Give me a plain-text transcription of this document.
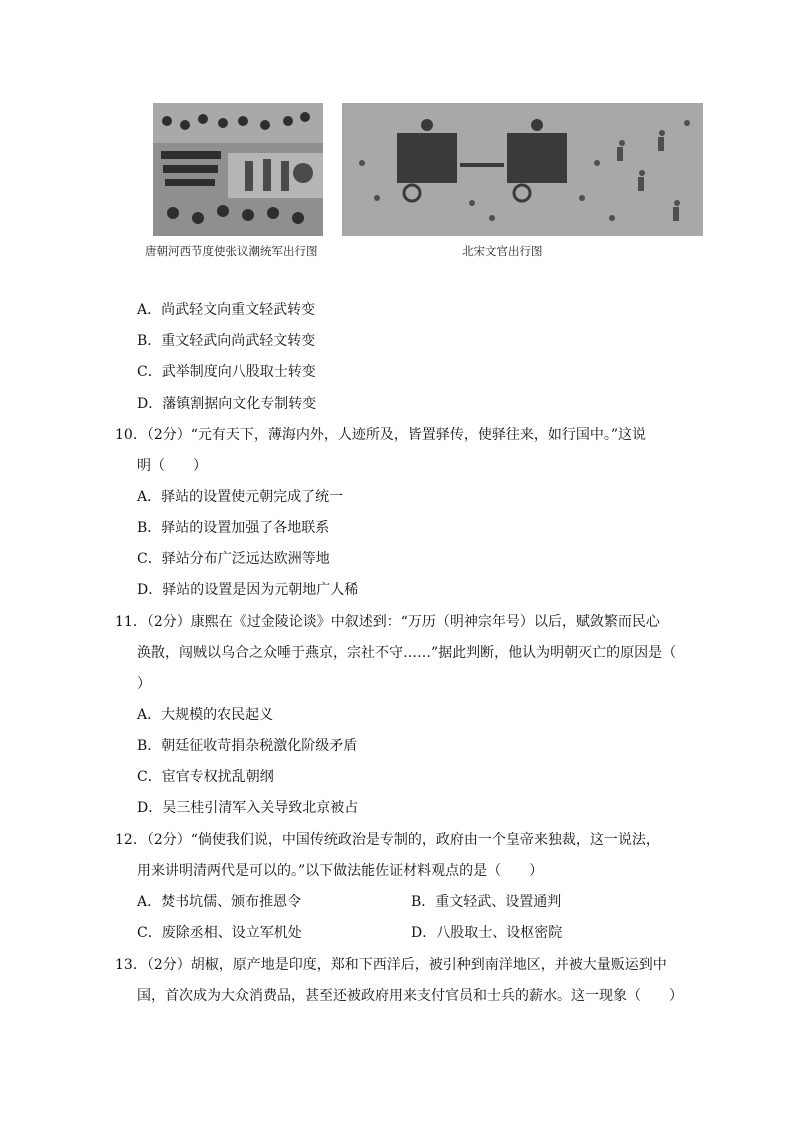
唐朝河西节度使张议潮统军出行图	北宋文官出行图
A．尚武轻文向重文轻武转变
B．重文轻武向尚武轻文转变
C．武举制度向八股取士转变
D．藩镇割据向文化专制转变
10．（2分）“元有天下，薄海内外，人迹所及，皆置驿传，使驿往来，如行国中。”这说
明（　　）
A．驿站的设置使元朝完成了统一
B．驿站的设置加强了各地联系
C．驿站分布广泛远达欧洲等地
D．驿站的设置是因为元朝地广人稀
11．（2分）康熙在《过金陵论谈》中叙述到：“万历（明神宗年号）以后，赋敛繁而民心
涣散，闯贼以乌合之众唾于燕京，宗社不守……”据此判断，他认为明朝灭亡的原因是（
）
A．大规模的农民起义
B．朝廷征收苛捐杂税激化阶级矛盾
C．宦官专权扰乱朝纲
D．吴三桂引清军入关导致北京被占
12．（2分）“倘使我们说，中国传统政治是专制的，政府由一个皇帝来独裁，这一说法，
用来讲明清两代是可以的。”以下做法能佐证材料观点的是（　　）
A．焚书坑儒、颁布推恩令	B．重文轻武、设置通判
C．废除丞相、设立军机处	D．八股取士、设枢密院
13．（2分）胡椒，原产地是印度，郑和下西洋后，被引种到南洋地区，并被大量贩运到中
国，首次成为大众消费品，甚至还被政府用来支付官员和士兵的薪水。这一现象（　　）
